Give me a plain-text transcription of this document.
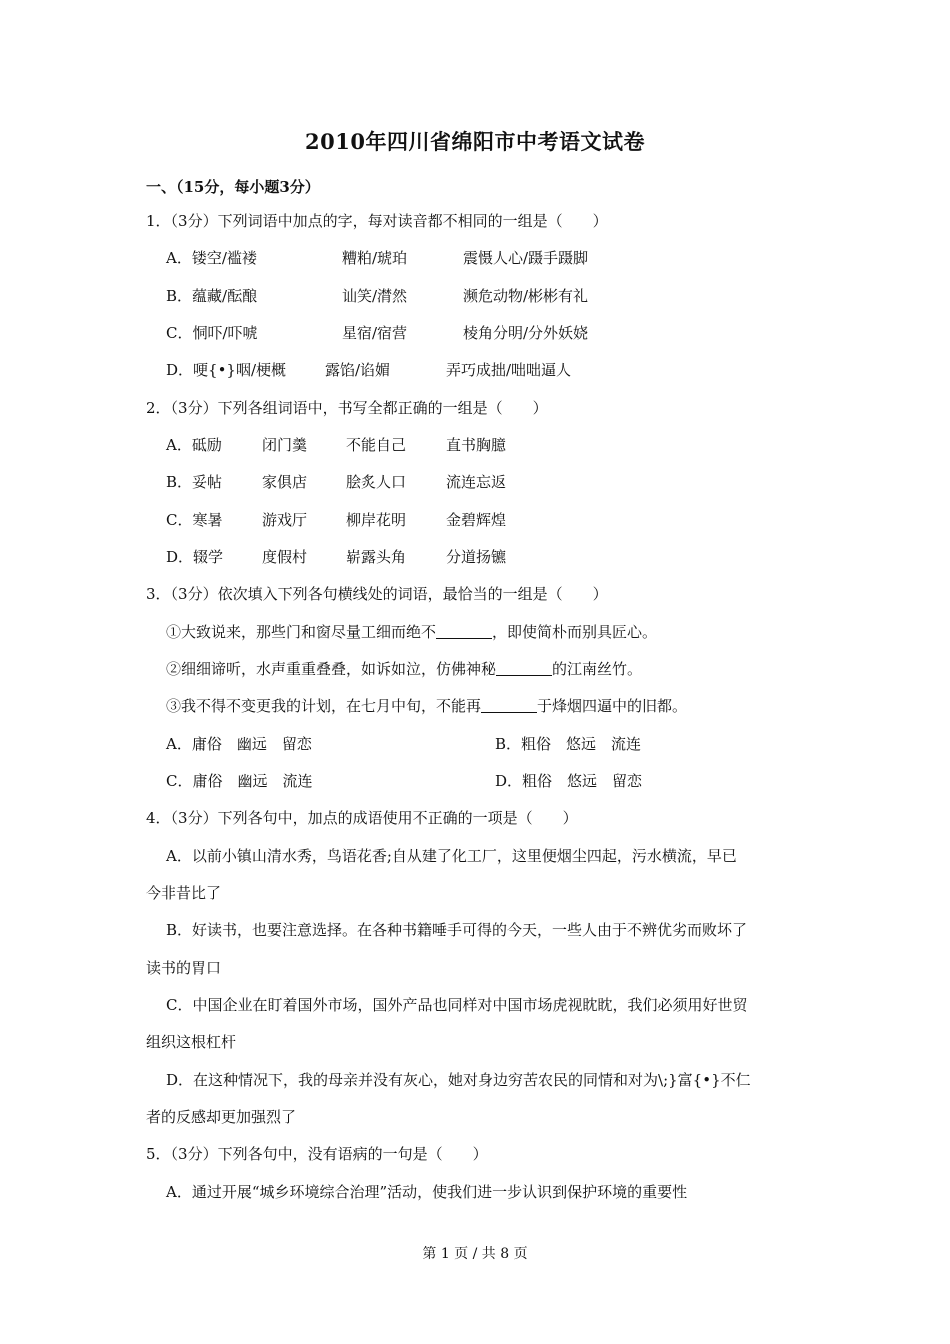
2010年四川省绵阳市中考语文试卷
一、（15分，每小题3分）
1．（3分）下列词语中加点的字，每对读音都不相同的一组是（　　）
A．镂空/褴褛	糟粕/琥珀	震慑人心/蹑手蹑脚
B．蕴藏/酝酿	讪笑/潸然	濒危动物/彬彬有礼
C．恫吓/吓唬	星宿/宿营	棱角分明/分外妖娆
D．哽{•}咽/梗概	露馅/谄媚	弄巧成拙/咄咄逼人
2．（3分）下列各组词语中，书写全都正确的一组是（　　）
A．砥励	闭门羹	不能自己	直书胸臆
B．妥帖	家俱店	脍炙人口	流连忘返
C．寒暑	游戏厅	柳岸花明	金碧辉煌
D．辍学	度假村	崭露头角	分道扬镳
3．（3分）依次填入下列各句横线处的词语，最恰当的一组是（　　）
①大致说来，那些门和窗尽量工细而绝不	，即使简朴而别具匠心。
②细细谛听，水声重重叠叠，如诉如泣，仿佛神秘	的江南丝竹。
③我不得不变更我的计划，在七月中旬，不能再	于烽烟四逼中的旧都。
A．庸俗　幽远　留恋	B．粗俗　悠远　流连
C．庸俗　幽远　流连	D．粗俗　悠远　留恋
4．（3分）下列各句中，加点的成语使用不正确的一项是（　　）
A．以前小镇山清水秀，鸟语花香;自从建了化工厂，这里便烟尘四起，污水横流，早已
今非昔比了
B．好读书，也要注意选择。在各种书籍唾手可得的今天，一些人由于不辨优劣而败坏了
读书的胃口
C．中国企业在盯着国外市场，国外产品也同样对中国市场虎视眈眈，我们必须用好世贸
组织这根杠杆
D．在这种情况下，我的母亲并没有灰心，她对身边穷苦农民的同情和对为\;}富{•}不仁
者的反感却更加强烈了
5．（3分）下列各句中，没有语病的一句是（　　）
A．通过开展“城乡环境综合治理”活动，使我们进一步认识到保护环境的重要性
第 1 页 / 共 8 页
